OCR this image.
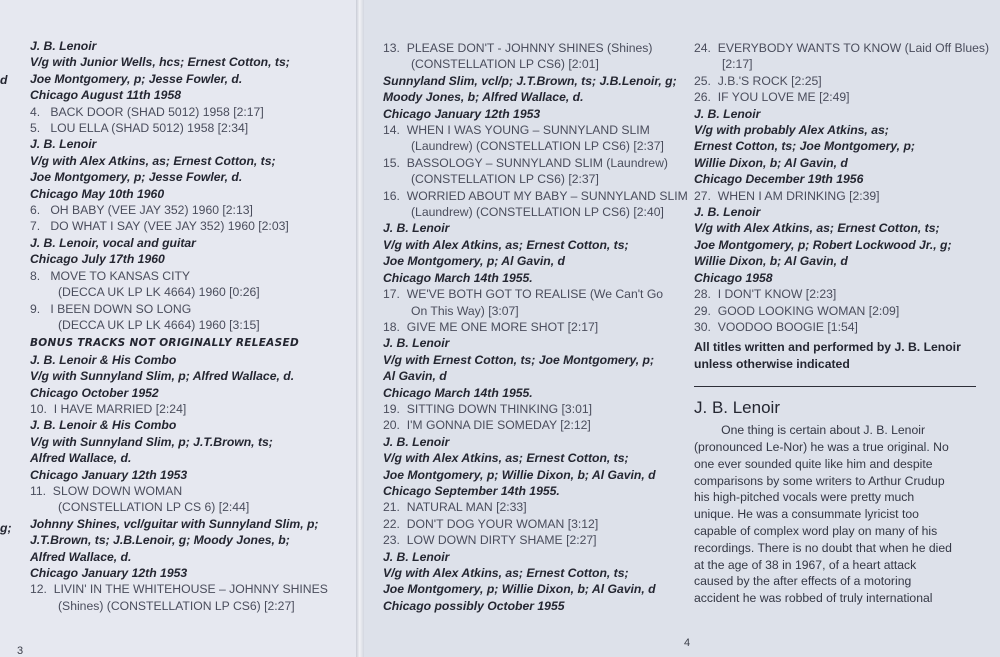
d
g;
J. B. Lenoir
V/g with Junior Wells, hcs; Ernest Cotton, ts;
Joe Montgomery, p; Jesse Fowler, d.
Chicago August 11th 1958
4.   BACK DOOR (SHAD 5012) 1958 [2:17]
5.   LOU ELLA (SHAD 5012) 1958 [2:34]
J. B. Lenoir
V/g with Alex Atkins, as; Ernest Cotton, ts;
Joe Montgomery, p; Jesse Fowler, d.
Chicago May 10th 1960
6.   OH BABY (VEE JAY 352) 1960 [2:13]
7.   DO WHAT I SAY (VEE JAY 352) 1960 [2:03]
J. B. Lenoir, vocal and guitar
Chicago July 17th 1960
8.   MOVE TO KANSAS CITY
(DECCA UK LP LK 4664) 1960 [0:26]
9.   I BEEN DOWN SO LONG
(DECCA UK LP LK 4664) 1960 [3:15]
BONUS TRACKS NOT ORIGINALLY RELEASED
J. B. Lenoir & His Combo
V/g with Sunnyland Slim, p; Alfred Wallace, d.
Chicago October 1952
10.  I HAVE MARRIED [2:24]
J. B. Lenoir & His Combo
V/g with Sunnyland Slim, p; J.T.Brown, ts;
Alfred Wallace, d.
Chicago January 12th 1953
11.  SLOW DOWN WOMAN
(CONSTELLATION LP CS 6) [2:44]
Johnny Shines, vcl/guitar with Sunnyland Slim, p;
J.T.Brown, ts; J.B.Lenoir, g; Moody Jones, b;
Alfred Wallace, d.
Chicago January 12th 1953
12.  LIVIN' IN THE WHITEHOUSE – JOHNNY SHINES
(Shines) (CONSTELLATION LP CS6) [2:27]
13.  PLEASE DON'T - JOHNNY SHINES (Shines)
(CONSTELLATION LP CS6) [2:01]
Sunnyland Slim, vcl/p; J.T.Brown, ts; J.B.Lenoir, g;
Moody Jones, b; Alfred Wallace, d.
Chicago January 12th 1953
14.  WHEN I WAS YOUNG – SUNNYLAND SLIM
(Laundrew) (CONSTELLATION LP CS6) [2:37]
15.  BASSOLOGY – SUNNYLAND SLIM (Laundrew)
(CONSTELLATION LP CS6) [2:37]
16.  WORRIED ABOUT MY BABY – SUNNYLAND SLIM
(Laundrew) (CONSTELLATION LP CS6) [2:40]
J. B. Lenoir
V/g with Alex Atkins, as; Ernest Cotton, ts;
Joe Montgomery, p; Al Gavin, d
Chicago March 14th 1955.
17.  WE'VE BOTH GOT TO REALISE (We Can't Go
On This Way) [3:07]
18.  GIVE ME ONE MORE SHOT [2:17]
J. B. Lenoir
V/g with Ernest Cotton, ts; Joe Montgomery, p;
Al Gavin, d
Chicago March 14th 1955.
19.  SITTING DOWN THINKING [3:01]
20.  I'M GONNA DIE SOMEDAY [2:12]
J. B. Lenoir
V/g with Alex Atkins, as; Ernest Cotton, ts;
Joe Montgomery, p; Willie Dixon, b; Al Gavin, d
Chicago September 14th 1955.
21.  NATURAL MAN [2:33]
22.  DON'T DOG YOUR WOMAN [3:12]
23.  LOW DOWN DIRTY SHAME [2:27]
J. B. Lenoir
V/g with Alex Atkins, as; Ernest Cotton, ts;
Joe Montgomery, p; Willie Dixon, b; Al Gavin, d
Chicago possibly October 1955
24.  EVERYBODY WANTS TO KNOW (Laid Off Blues)
[2:17]
25.  J.B.'S ROCK [2:25]
26.  IF YOU LOVE ME [2:49]
J. B. Lenoir
V/g with probably Alex Atkins, as;
Ernest Cotton, ts; Joe Montgomery, p;
Willie Dixon, b; Al Gavin, d
Chicago December 19th 1956
27.  WHEN I AM DRINKING [2:39]
J. B. Lenoir
V/g with Alex Atkins, as; Ernest Cotton, ts;
Joe Montgomery, p; Robert Lockwood Jr., g;
Willie Dixon, b; Al Gavin, d
Chicago 1958
28.  I DON'T KNOW [2:23]
29.  GOOD LOOKING WOMAN [2:09]
30.  VOODOO BOOGIE [1:54]
All titles written and performed by J. B. Lenoir
unless otherwise indicated
J. B. Lenoir
One thing is certain about J. B. Lenoir
(pronounced Le-Nor) he was a true original. No
one ever sounded quite like him and despite
comparisons by some writers to Arthur Crudup
his high-pitched vocals were pretty much
unique. He was a consummate lyricist too
capable of complex word play on many of his
recordings. There is no doubt that when he died
at the age of 38 in 1967, of a heart attack
caused by the after effects of a motoring
accident he was robbed of truly international
3
4
